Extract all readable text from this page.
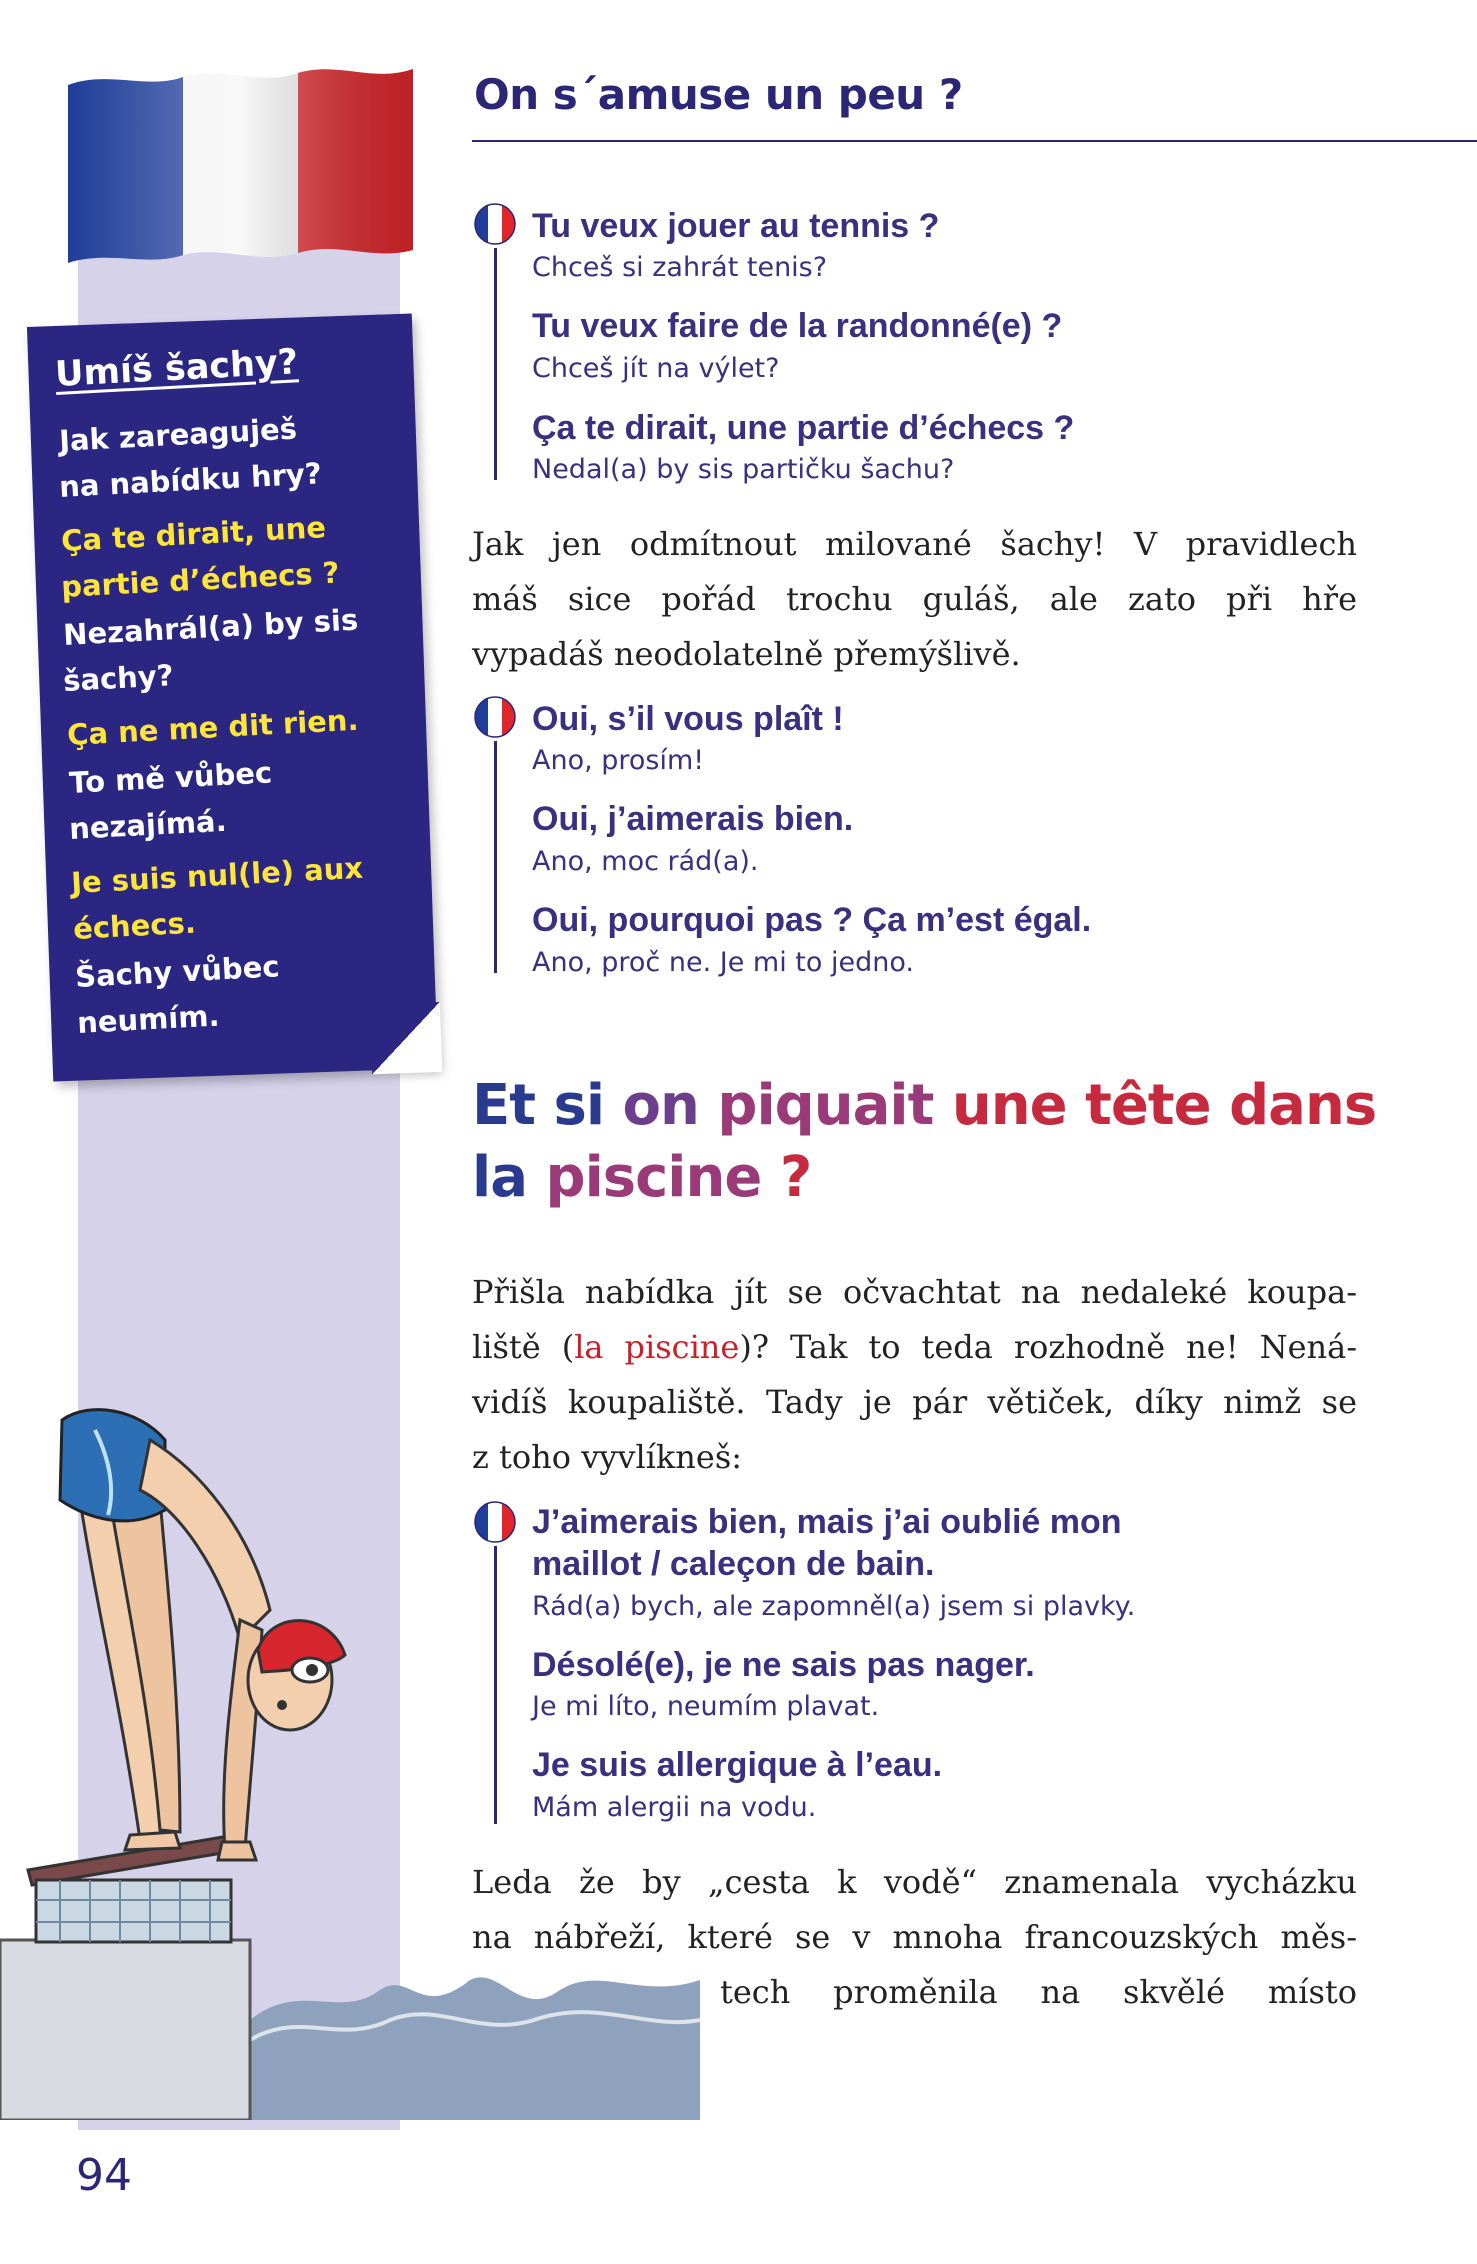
Umíš šachy?
Jak zareaguješ
na nabídku hry?
Ça te dirait, une
partie d’échecs ?
Nezahrál(a) by sis
šachy?
Ça ne me dit rien.
To mě vůbec
nezajímá.
Je suis nul(le) aux
échecs.
Šachy vůbec
neumím.
On s´amuse un peu ?
Tu veux jouer au tennis ?
Chceš si zahrát tenis?
Tu veux faire de la randonné(e) ?
Chceš jít na výlet?
Ça te dirait, une partie d’échecs ?
Nedal(a) by sis partičku šachu?
Jak jen odmítnout milované šachy! V pravidlech
máš sice pořád trochu guláš, ale zato při hře
vypadáš neodolatelně přemýšlivě.
Oui, s’il vous plaît !
Ano, prosím!
Oui, j’aimerais bien.
Ano, moc rád(a).
Oui, pourquoi pas ? Ça m’est égal.
Ano, proč ne. Je mi to jedno.
Et si on piquait une tête dans
la piscine ?
Přišla nabídka jít se očvachtat na nedaleké koupa-
liště (la piscine)? Tak to teda rozhodně ne! Nená-
vidíš koupaliště. Tady je pár větiček, díky nimž se
z toho vyvlíkneš:
J’aimerais bien, mais j’ai oublié mon
maillot / caleçon de bain.
Rád(a) bych, ale zapomněl(a) jsem si plavky.
Désolé(e), je ne sais pas nager.
Je mi líto, neumím plavat.
Je suis allergique à l’eau.
Mám alergii na vodu.
Leda že by „cesta k vodě“ znamenala vycházku
na nábřeží, které se v mnoha francouzských měs-
tech proměnila na skvělé místo
94
